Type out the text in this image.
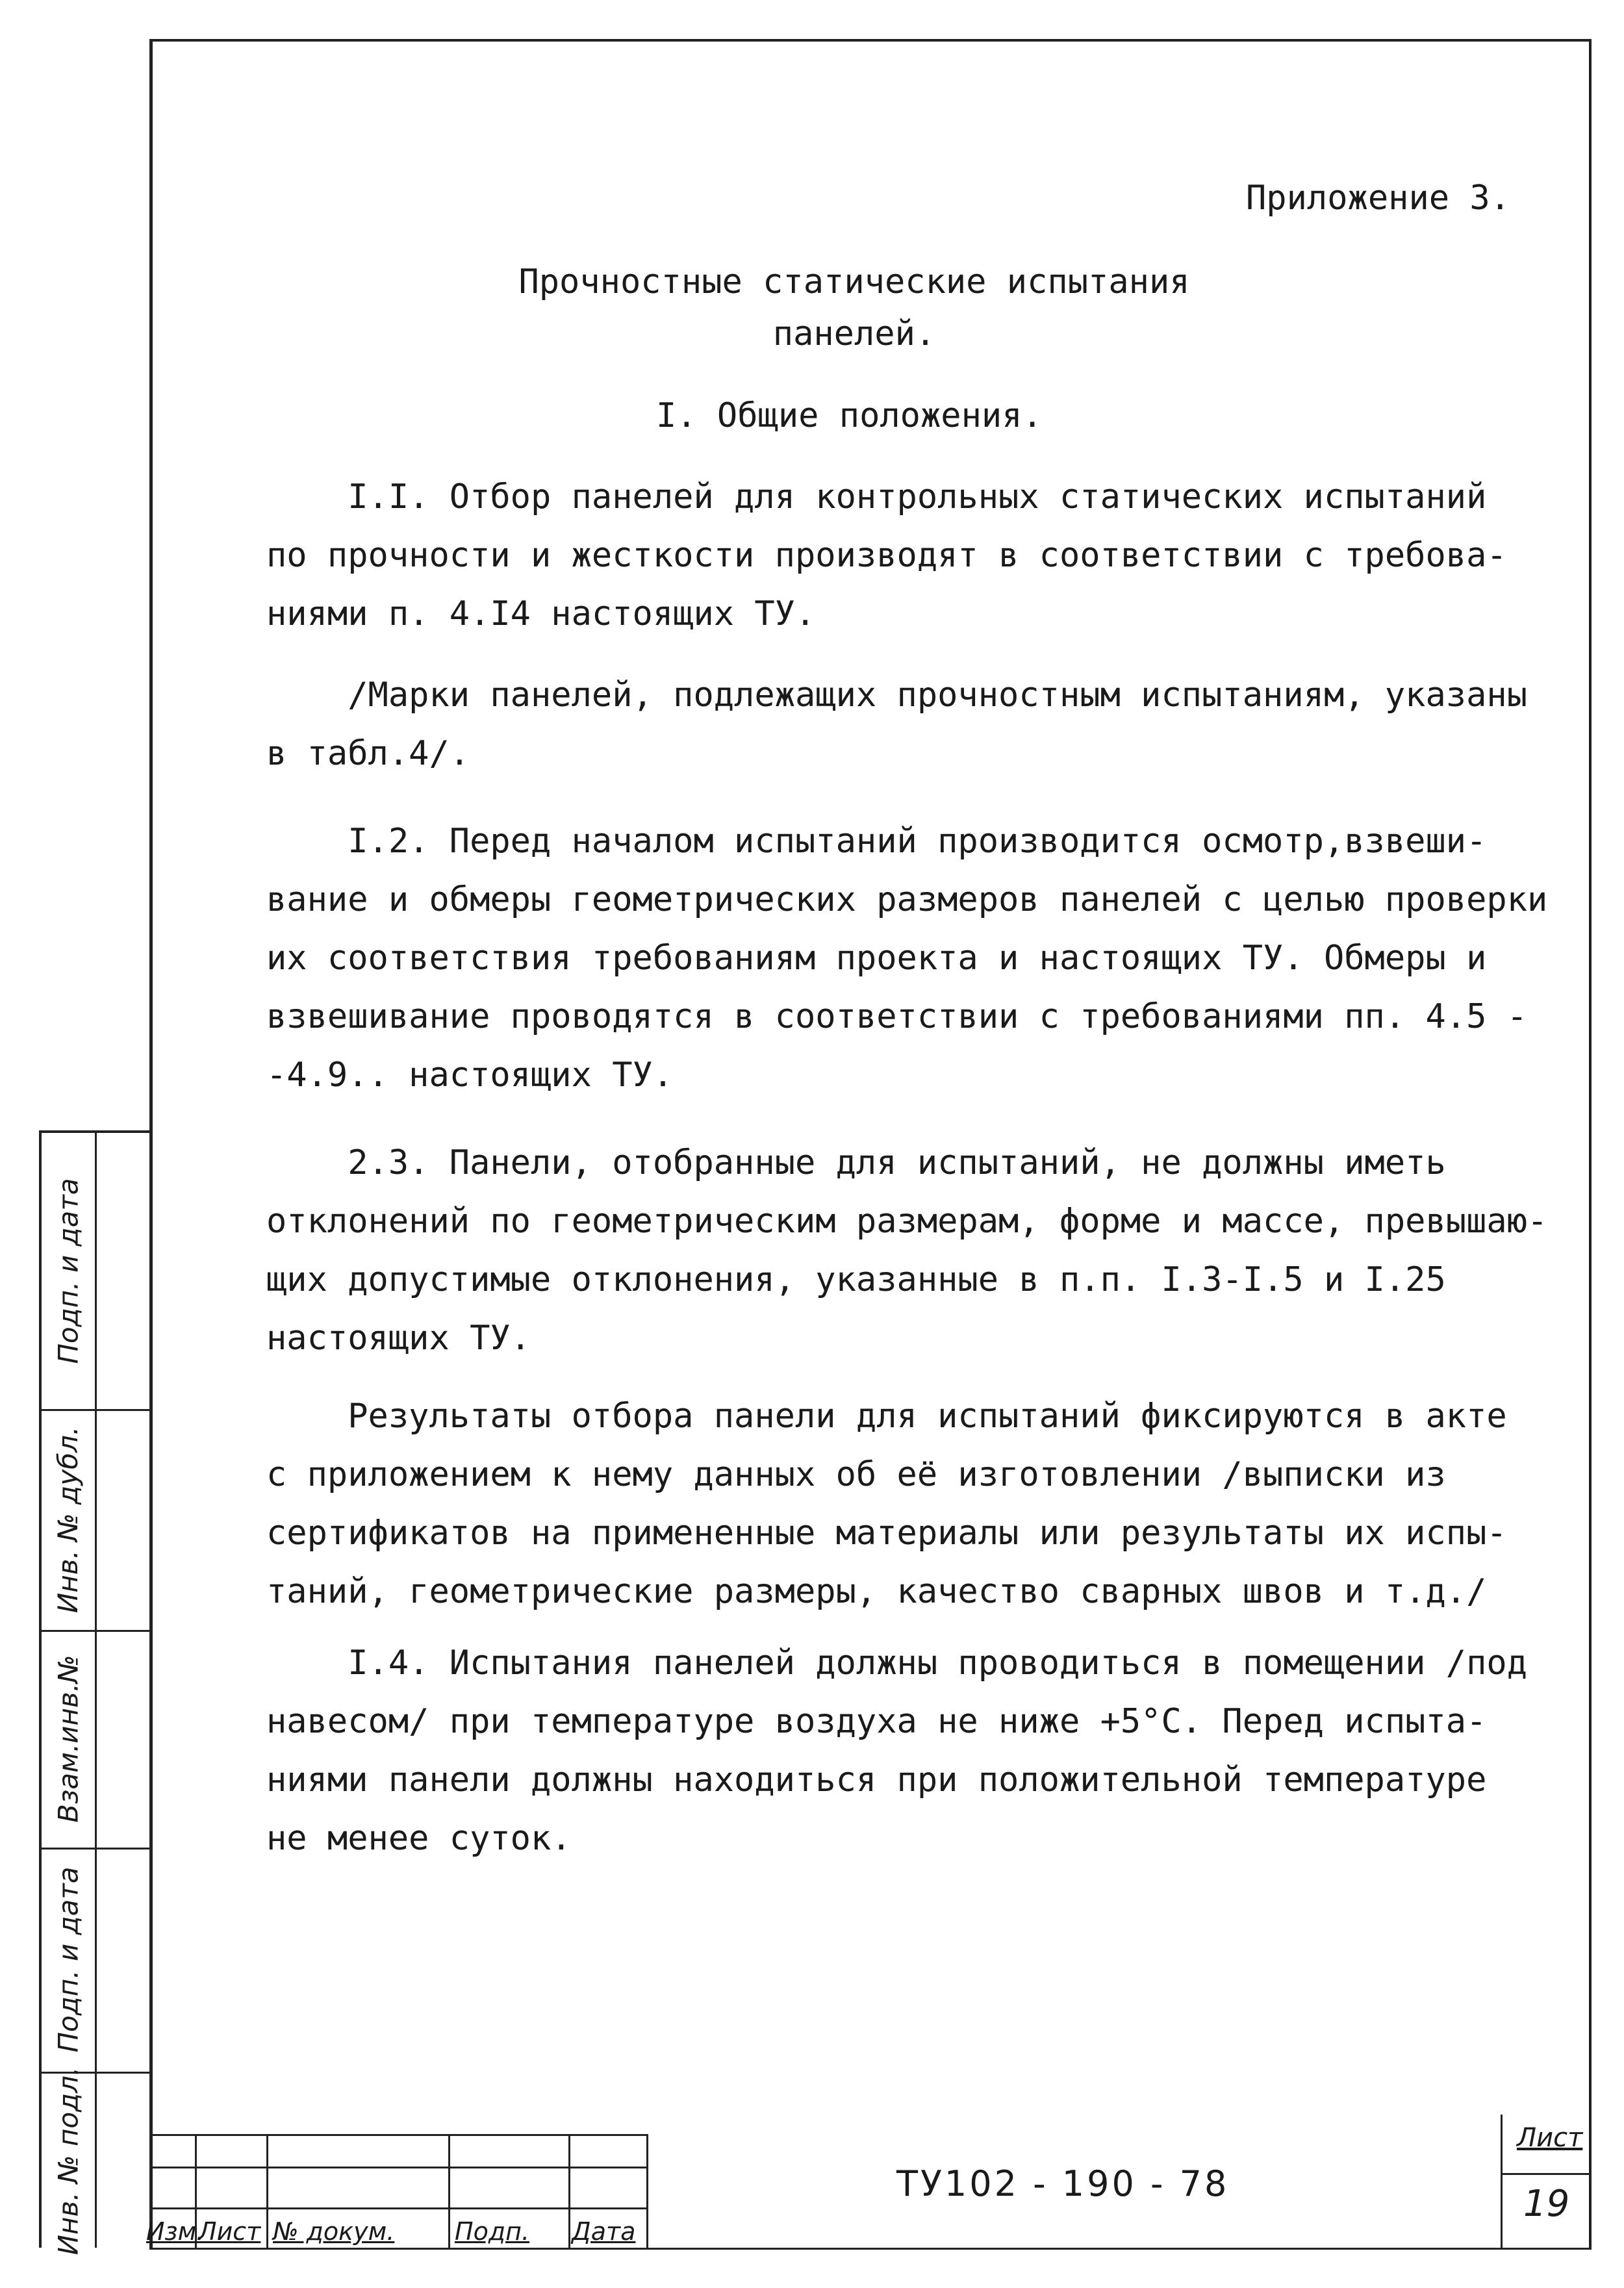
Приложение 3.
Прочностные статические испытания
панелей.
I. Общие положения.
I.I. Отбор панелей для контрольных статических испытаний
по прочности и жесткости производят в соответствии с требова-
ниями п. 4.I4 настоящих ТУ.
/Марки панелей, подлежащих прочностным испытаниям, указаны
в табл.4/.
I.2. Перед началом испытаний производится осмотр,взвеши-
вание и обмеры геометрических размеров панелей с целью проверки
их соответствия требованиям проекта и настоящих ТУ. Обмеры и
взвешивание проводятся в соответствии с требованиями пп. 4.5 -
-4.9.. настоящих ТУ.
2.3. Панели, отобранные для испытаний, не должны иметь
отклонений по геометрическим размерам, форме и массе, превышаю-
щих допустимые отклонения, указанные в п.п. I.3-I.5 и I.25
настоящих ТУ.
Результаты отбора панели для испытаний фиксируются в акте
с приложением к нему данных об её изготовлении /выписки из
сертификатов на примененные материалы или результаты их испы-
таний, геометрические размеры, качество сварных швов и т.д./
I.4. Испытания панелей должны проводиться в помещении /под
навесом/ при температуре воздуха не ниже +5°С. Перед испыта-
ниями панели должны находиться при положительной температуре
не менее суток.
Подп. и дата
Инв. № дубл.
Взам.инв.№
Подп. и дата
Инв. № подл.	Изм.
Лист № докум. Подп. Дата
ТУ102 - 190 - 78
Лист
19
